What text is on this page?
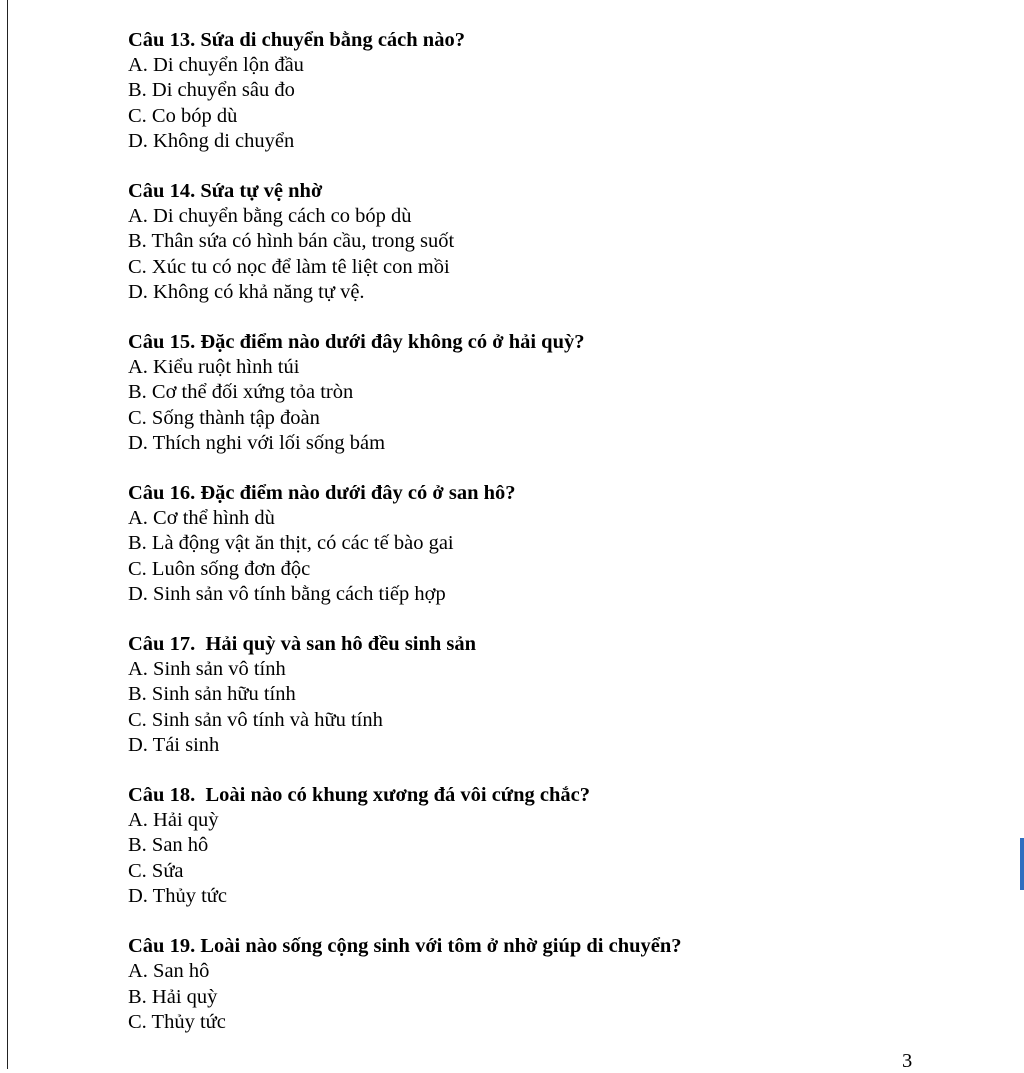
Câu 13. Sứa di chuyển bằng cách nào?
A. Di chuyển lộn đầu
B. Di chuyển sâu đo
C. Co bóp dù
D. Không di chuyển
Câu 14. Sứa tự vệ nhờ
A. Di chuyển bằng cách co bóp dù
B. Thân sứa có hình bán cầu, trong suốt
C. Xúc tu có nọc để làm tê liệt con mồi
D. Không có khả năng tự vệ.
Câu 15. Đặc điểm nào dưới đây không có ở hải quỳ?
A. Kiểu ruột hình túi
B. Cơ thể đối xứng tỏa tròn
C. Sống thành tập đoàn
D. Thích nghi với lối sống bám
Câu 16. Đặc điểm nào dưới đây có ở san hô?
A. Cơ thể hình dù
B. Là động vật ăn thịt, có các tế bào gai
C. Luôn sống đơn độc
D. Sinh sản vô tính bằng cách tiếp hợp
Câu 17.  Hải quỳ và san hô đều sinh sản
A. Sinh sản vô tính
B. Sinh sản hữu tính
C. Sinh sản vô tính và hữu tính
D. Tái sinh
Câu 18.  Loài nào có khung xương đá vôi cứng chắc?
A. Hải quỳ
B. San hô
C. Sứa
D. Thủy tức
Câu 19. Loài nào sống cộng sinh với tôm ở nhờ giúp di chuyển?
A. San hô
B. Hải quỳ
C. Thủy tức
3
